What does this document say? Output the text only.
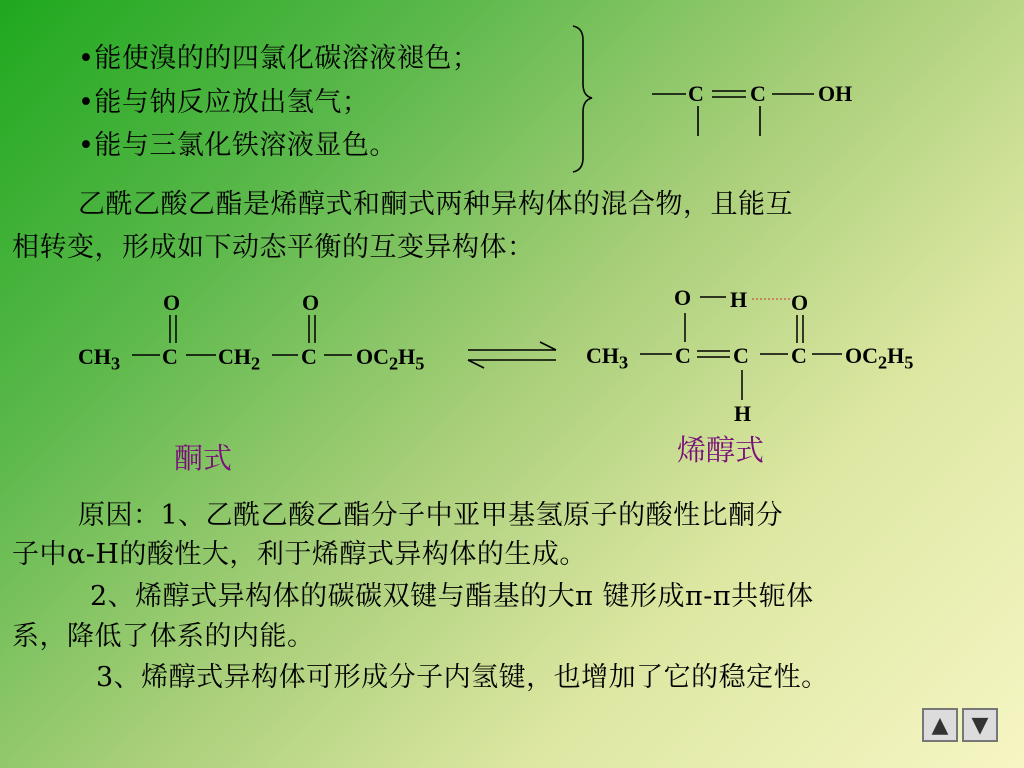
•能使溴的的四氯化碳溶液褪色；
•能与钠反应放出氢气；
•能与三氯化铁溶液显色。
C C OH
乙酰乙酸乙酯是烯醇式和酮式两种异构体的混合物，且能互
相转变，形成如下动态平衡的互变异构体：
O	O
$CH_3$ C $CH_2$ C $OC_2H_5$
酮式
O H O
$CH_3$ C C C $OC_2H_5$
H
烯醇式
原因：1、乙酰乙酸乙酯分子中亚甲基氢原子的酸性比酮分
子中α-H的酸性大，利于烯醇式异构体的生成。
2、烯醇式异构体的碳碳双键与酯基的大π 键形成π-π共轭体
系，降低了体系的内能。
3、烯醇式异构体可形成分子内氢键，也增加了它的稳定性。
▲ ▼
